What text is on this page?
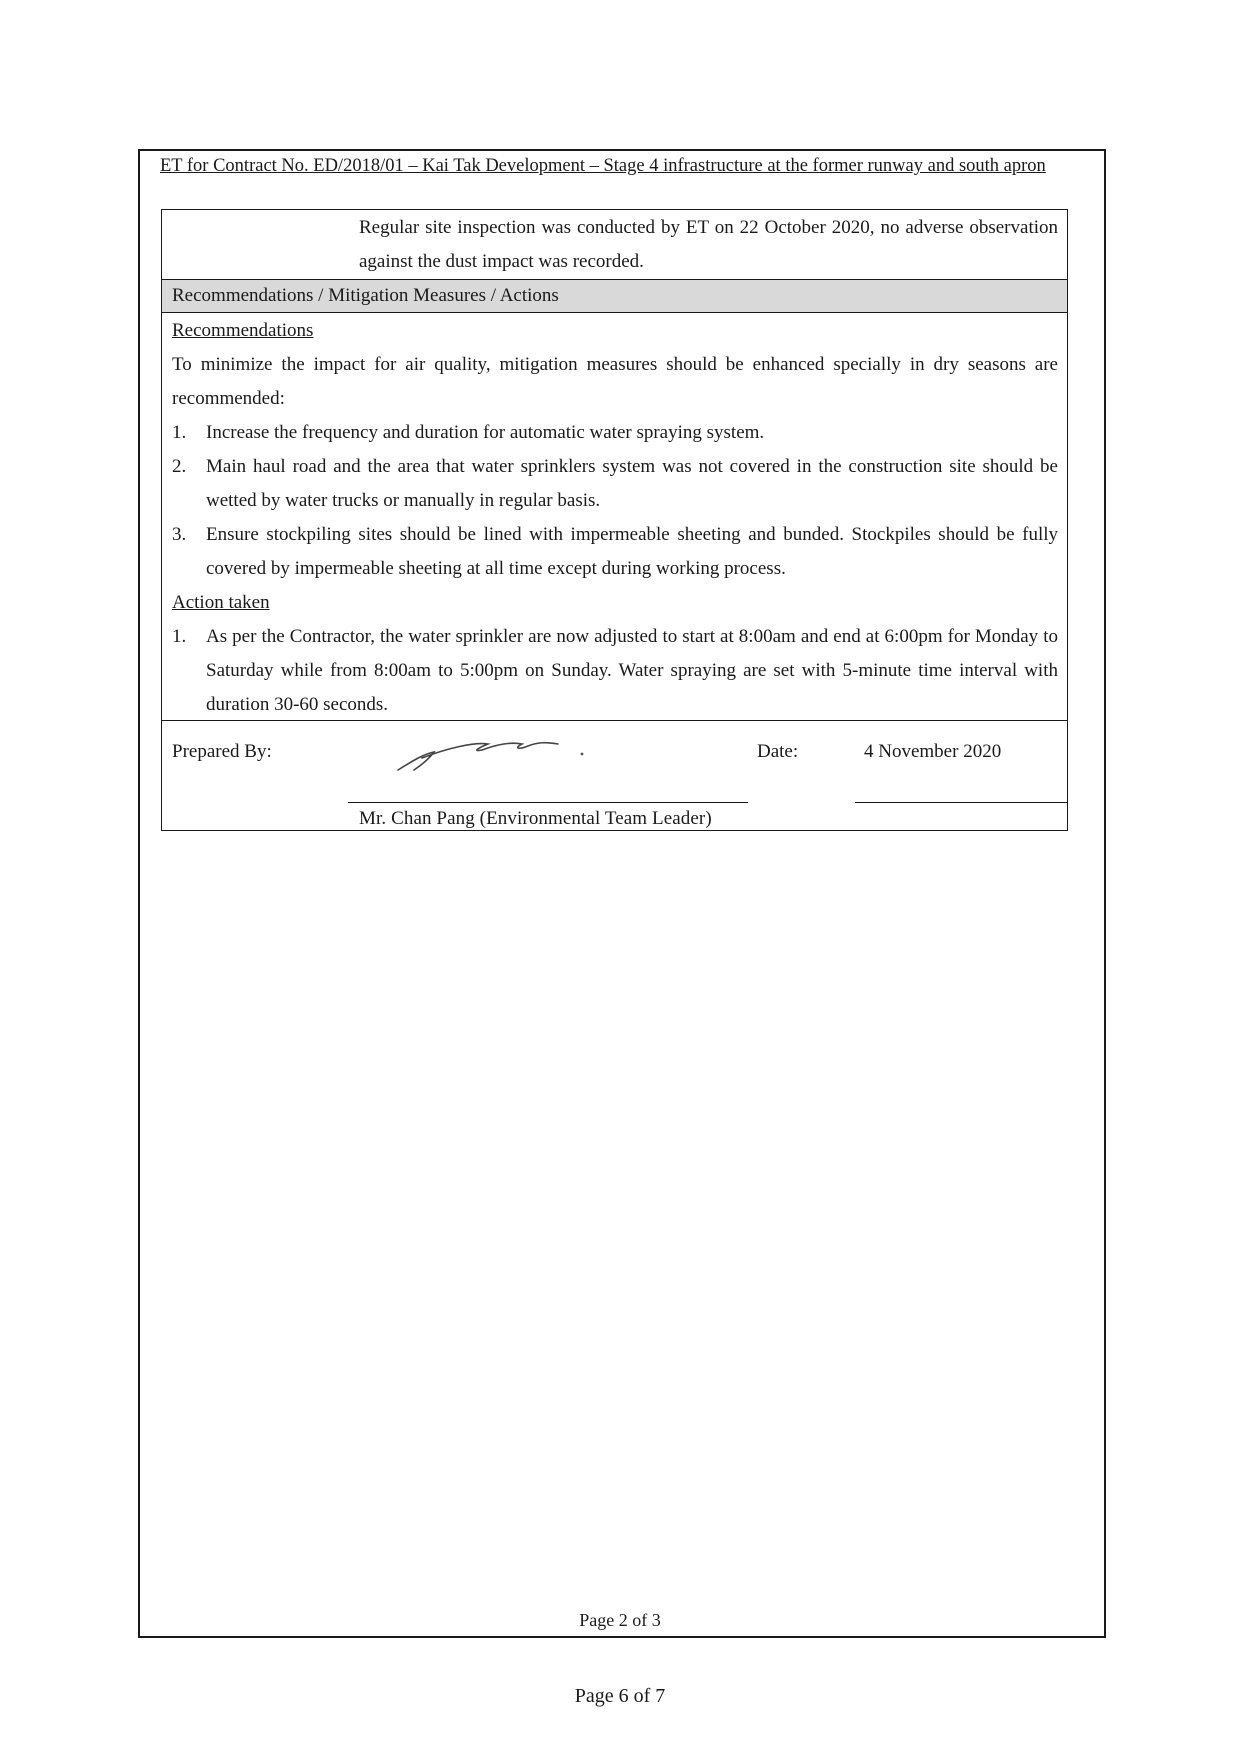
ET for Contract No. ED/2018/01 – Kai Tak Development – Stage 4 infrastructure at the former runway and south apron
Regular site inspection was conducted by ET on 22 October 2020, no adverse observation against the dust impact was recorded.
Recommendations / Mitigation Measures / Actions
Recommendations
To minimize the impact for air quality, mitigation measures should be enhanced specially in dry seasons are recommended:
1.	Increase the frequency and duration for automatic water spraying system.
2.	Main haul road and the area that water sprinklers system was not covered in the construction site should be wetted by water trucks or manually in regular basis.
3.	Ensure stockpiling sites should be lined with impermeable sheeting and bunded. Stockpiles should be fully covered by impermeable sheeting at all time except during working process.
Action taken
1.	As per the Contractor, the water sprinkler are now adjusted to start at 8:00am and end at 6:00pm for Monday to Saturday while from 8:00am to 5:00pm on Sunday. Water spraying are set with 5-minute time interval with duration 30-60 seconds.
Prepared By:
Mr. Chan Pang (Environmental Team Leader)
Date:	4 November 2020
Page 2 of 3
Page 6 of 7
